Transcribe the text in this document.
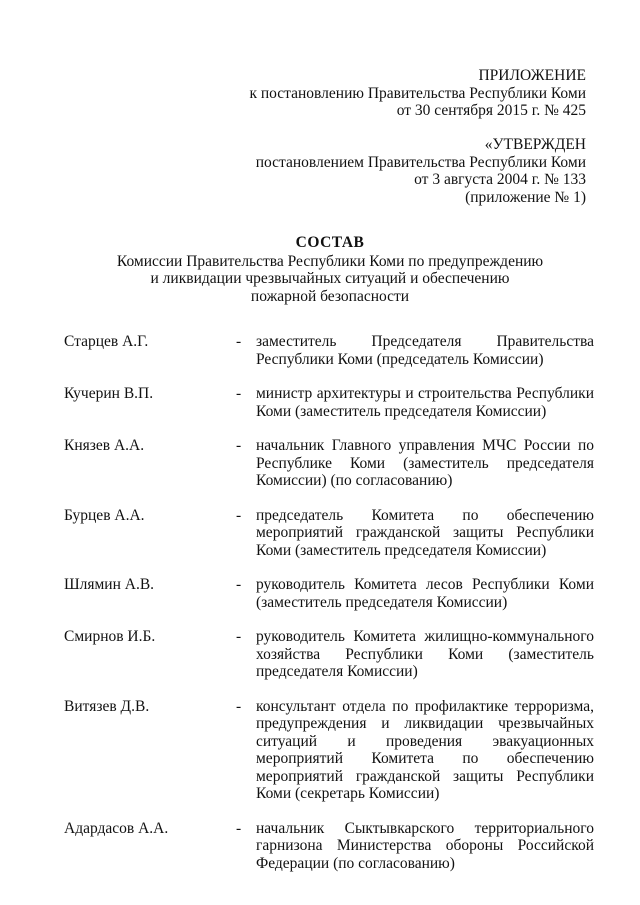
ПРИЛОЖЕНИЕ
к постановлению Правительства Республики Коми
от 30 сентября 2015 г. № 425
«УТВЕРЖДЕН
постановлением Правительства Республики Коми
от 3 августа 2004 г. № 133
(приложение № 1)
СОСТАВ
Комиссии Правительства Республики Коми по предупреждению
и ликвидации чрезвычайных ситуаций и обеспечению
пожарной безопасности
Старцев А.Г.	- заместитель Председателя Правительства Республики Коми (председатель Комиссии)
Кучерин В.П.	- министр архитектуры и строительства Республики Коми (заместитель председателя Комиссии)
Князев А.А.	- начальник Главного управления МЧС России по Республике Коми (заместитель председателя Комиссии) (по согласованию)
Бурцев А.А.	- председатель Комитета по обеспечению мероприятий гражданской защиты Республики Коми (заместитель председателя Комиссии)
Шлямин А.В.	- руководитель Комитета лесов Республики Коми (заместитель председателя Комиссии)
Смирнов И.Б.	- руководитель Комитета жилищно-коммунального хозяйства Республики Коми (заместитель председателя Комиссии)
Витязев Д.В.	- консультант отдела по профилактике терроризма, предупреждения и ликвидации чрезвычайных ситуаций и проведения эвакуационных мероприятий Комитета по обеспечению мероприятий гражданской защиты Республики Коми (секретарь Комиссии)
Адардасов А.А.	- начальник Сыктывкарского территориального гарнизона Министерства обороны Российской Федерации (по согласованию)
